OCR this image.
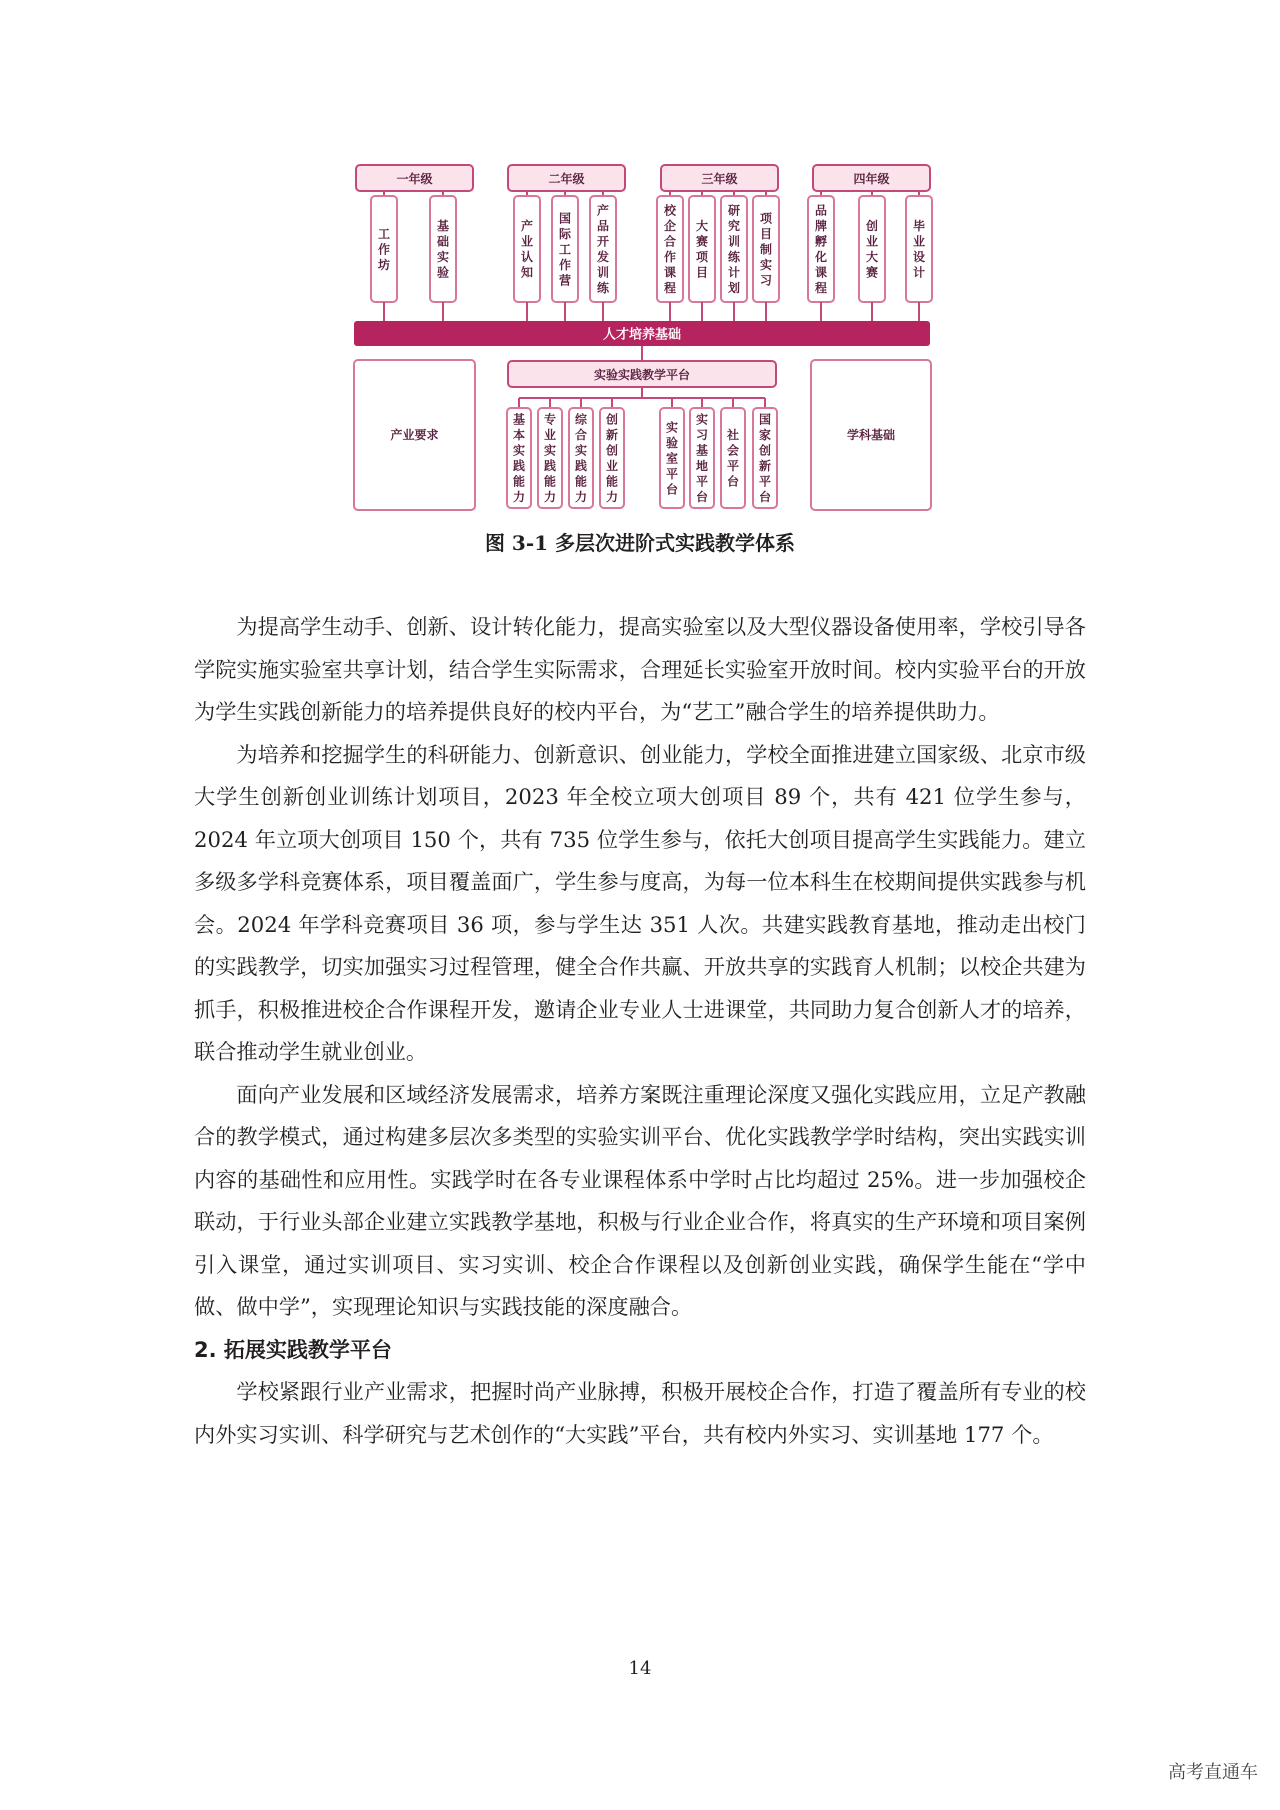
一年级
工作坊
基础实验
二年级
产业认知
国际工作营
产品开发训练
三年级
校企合作课程
大赛项目
研究训练计划
项目制实习
四年级
品牌孵化课程
创业大赛
毕业设计
人才培养基础
产业要求	学科基础
实验实践教学平台
基本实践能力
专业实践能力
综合实践能力
创新创业能力
实验室平台
实习基地平台
社会平台
国家创新平台
图 3-1 多层次进阶式实践教学体系

为提高学生动手、创新、设计转化能力，提高实验室以及大型仪器设备使用率，学校引导各学院实施实验室共享计划，结合学生实际需求，合理延长实验室开放时间。校内实验平台的开放为学生实践创新能力的培养提供良好的校内平台，为“艺工”融合学生的培养提供助力。

为培养和挖掘学生的科研能力、创新意识、创业能力，学校全面推进建立国家级、北京市级大学生创新创业训练计划项目，2023 年全校立项大创项目 89 个，共有 421 位学生参与，2024 年立项大创项目 150 个，共有 735 位学生参与，依托大创项目提高学生实践能力。建立多级多学科竞赛体系，项目覆盖面广，学生参与度高，为每一位本科生在校期间提供实践参与机会。2024 年学科竞赛项目 36 项，参与学生达 351 人次。共建实践教育基地，推动走出校门的实践教学，切实加强实习过程管理，健全合作共赢、开放共享的实践育人机制；以校企共建为抓手，积极推进校企合作课程开发，邀请企业专业人士进课堂，共同助力复合创新人才的培养，联合推动学生就业创业。

面向产业发展和区域经济发展需求，培养方案既注重理论深度又强化实践应用，立足产教融合的教学模式，通过构建多层次多类型的实验实训平台、优化实践教学学时结构，突出实践实训内容的基础性和应用性。实践学时在各专业课程体系中学时占比均超过 25%。进一步加强校企联动，于行业头部企业建立实践教学基地，积极与行业企业合作，将真实的生产环境和项目案例引入课堂，通过实训项目、实习实训、校企合作课程以及创新创业实践，确保学生能在“学中做、做中学”，实现理论知识与实践技能的深度融合。

2. 拓展实践教学平台

学校紧跟行业产业需求，把握时尚产业脉搏，积极开展校企合作，打造了覆盖所有专业的校内外实习实训、科学研究与艺术创作的“大实践”平台，共有校内外实习、实训基地 177 个。

14
高考直通车
